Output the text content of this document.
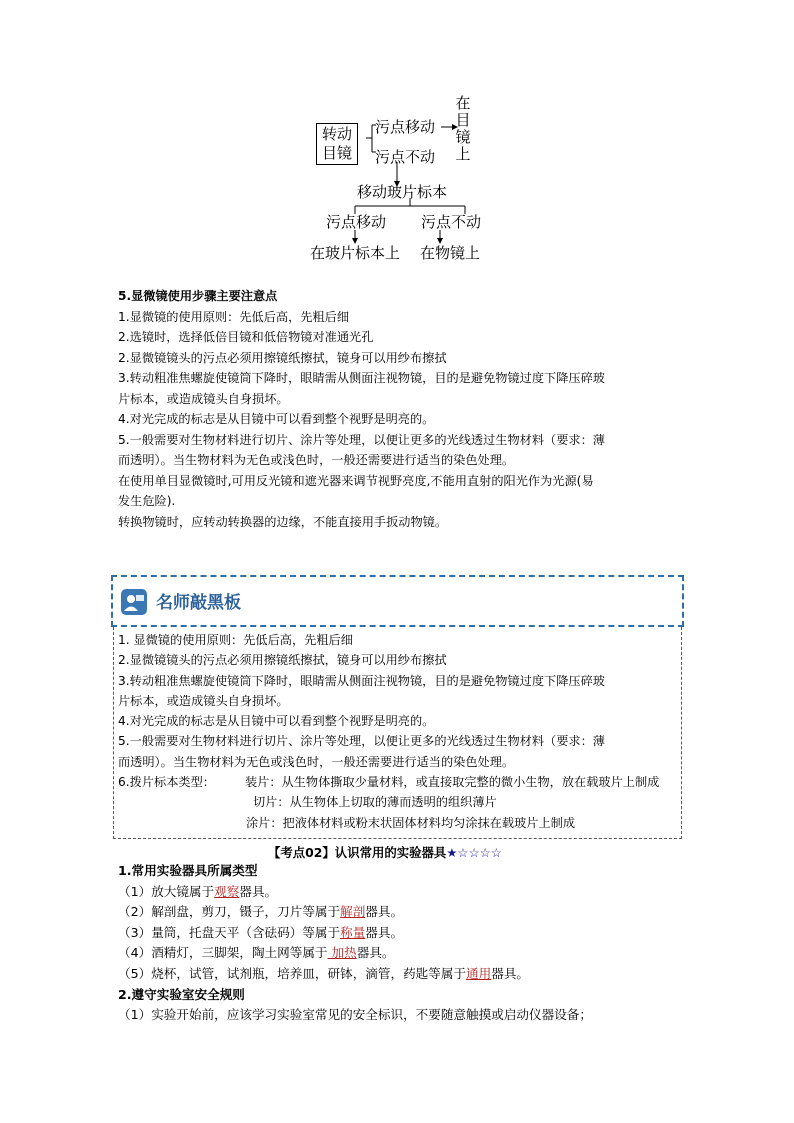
转动目镜
污点移动
在目镜上
污点不动
移动玻片标本
污点移动 污点不动
在玻片标本上 在物镜上

5.显微镜使用步骤主要注意点

1.显微镜的使用原则：先低后高，先粗后细

2.选镜时，选择低倍目镜和低倍物镜对准通光孔

2.显微镜镜头的污点必须用擦镜纸擦拭，镜身可以用纱布擦拭

3.转动粗准焦螺旋使镜筒下降时，眼睛需从侧面注视物镜，目的是避免物镜过度下降压碎玻

片标本，或造成镜头自身损坏。

4.对光完成的标志是从目镜中可以看到整个视野是明亮的。

5.一般需要对生物材料进行切片、涂片等处理，以便让更多的光线透过生物材料（要求：薄

而透明）。当生物材料为无色或浅色时，一般还需要进行适当的染色处理。

在使用单目显微镜时,可用反光镜和遮光器来调节视野亮度,不能用直射的阳光作为光源(易

发生危险).

转换物镜时，应转动转换器的边缘，不能直接用手扳动物镜。

名师敲黑板

1. 显微镜的使用原则：先低后高，先粗后细

2.显微镜镜头的污点必须用擦镜纸擦拭，镜身可以用纱布擦拭

3.转动粗准焦螺旋使镜筒下降时，眼睛需从侧面注视物镜，目的是避免物镜过度下降压碎玻

片标本，或造成镜头自身损坏。

4.对光完成的标志是从目镜中可以看到整个视野是明亮的。

5.一般需要对生物材料进行切片、涂片等处理，以便让更多的光线透过生物材料（要求：薄

而透明）。当生物材料为无色或浅色时，一般还需要进行适当的染色处理。

6.拨片标本类型： 装片：从生物体撕取少量材料，或直接取完整的微小生物，放在载玻片上制成

切片：从生物体上切取的薄而透明的组织薄片

涂片：把液体材料或粉末状固体材料均匀涂抹在载玻片上制成

【考点02】认识常用的实验器具★☆☆☆☆

1.常用实验器具所属类型

（1）放大镜属于观察器具。

（2）解剖盘，剪刀，镊子，刀片等属于解剖器具。

（3）量筒，托盘天平（含砝码）等属于称量器具。

（4）酒精灯，三脚架，陶土网等属于 加热器具。

（5）烧杯，试管，试剂瓶，培养皿，研钵，滴管，药匙等属于通用器具。

2.遵守实验室安全规则

（1）实验开始前，应该学习实验室常见的安全标识，不要随意触摸或启动仪器设备；
